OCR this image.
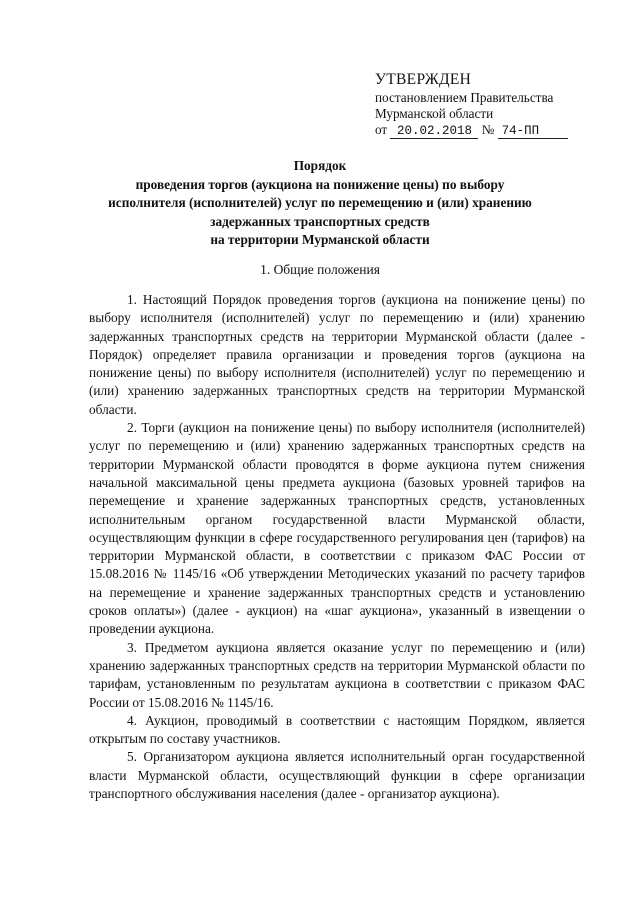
УТВЕРЖДЕН
постановлением Правительства
Мурманской области
от 20.02.2018 № 74-ПП
Порядок
проведения торгов (аукциона на понижение цены) по выбору
исполнителя (исполнителей) услуг по перемещению и (или) хранению
задержанных транспортных средств
на территории Мурманской области
1. Общие положения

1. Настоящий Порядок проведения торгов (аукциона на понижение цены) по выбору исполнителя (исполнителей) услуг по перемещению и (или) хранению задержанных транспортных средств на территории Мурманской области (далее - Порядок) определяет правила организации и проведения торгов (аукциона на понижение цены) по выбору исполнителя (исполнителей) услуг по перемещению и (или) хранению задержанных транспортных средств на территории Мурманской области.

2. Торги (аукцион на понижение цены) по выбору исполнителя (исполнителей) услуг по перемещению и (или) хранению задержанных транспортных средств на территории Мурманской области проводятся в форме аукциона путем снижения начальной максимальной цены предмета аукциона (базовых уровней тарифов на перемещение и хранение задержанных транспортных средств, установленных исполнительным органом государственной власти Мурманской области, осуществляющим функции в сфере государственного регулирования цен (тарифов) на территории Мурманской области, в соответствии с приказом ФАС России от 15.08.2016 № 1145/16 «Об утверждении Методических указаний по расчету тарифов на перемещение и хранение задержанных транспортных средств и установлению сроков оплаты») (далее - аукцион) на «шаг аукциона», указанный в извещении о проведении аукциона.

3. Предметом аукциона является оказание услуг по перемещению и (или) хранению задержанных транспортных средств на территории Мурманской области по тарифам, установленным по результатам аукциона в соответствии с приказом ФАС России от 15.08.2016 № 1145/16.

4. Аукцион, проводимый в соответствии с настоящим Порядком, является открытым по составу участников.

5. Организатором аукциона является исполнительный орган государственной власти Мурманской области, осуществляющий функции в сфере организации транспортного обслуживания населения (далее - организатор аукциона).
